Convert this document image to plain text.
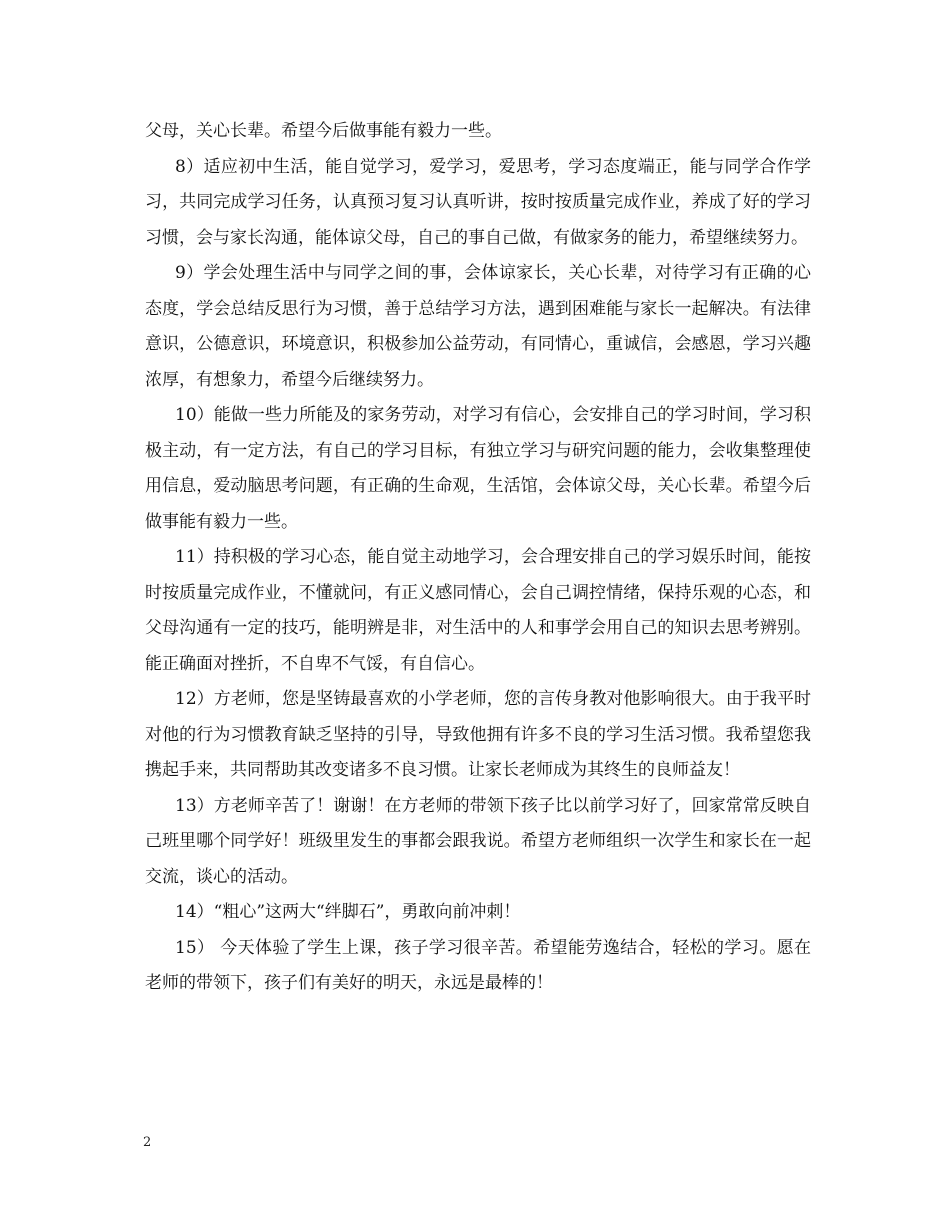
父母，关心长辈。希望今后做事能有毅力一些。

8）适应初中生活，能自觉学习，爱学习，爱思考，学习态度端正，能与同学合作学习，共同完成学习任务，认真预习复习认真听讲，按时按质量完成作业，养成了好的学习习惯，会与家长沟通，能体谅父母，自己的事自己做，有做家务的能力，希望继续努力。

9）学会处理生活中与同学之间的事，会体谅家长，关心长辈，对待学习有正确的心态度，学会总结反思行为习惯，善于总结学习方法，遇到困难能与家长一起解决。有法律意识，公德意识，环境意识，积极参加公益劳动，有同情心，重诚信，会感恩，学习兴趣浓厚，有想象力，希望今后继续努力。

10）能做一些力所能及的家务劳动，对学习有信心，会安排自己的学习时间，学习积极主动，有一定方法，有自己的学习目标，有独立学习与研究问题的能力，会收集整理使用信息，爱动脑思考问题，有正确的生命观，生活馆，会体谅父母，关心长辈。希望今后做事能有毅力一些。

11）持积极的学习心态，能自觉主动地学习，会合理安排自己的学习娱乐时间，能按时按质量完成作业，不懂就问，有正义感同情心，会自己调控情绪，保持乐观的心态，和父母沟通有一定的技巧，能明辨是非，对生活中的人和事学会用自己的知识去思考辨别。能正确面对挫折，不自卑不气馁，有自信心。

12）方老师，您是坚铸最喜欢的小学老师，您的言传身教对他影响很大。由于我平时对他的行为习惯教育缺乏坚持的引导，导致他拥有许多不良的学习生活习惯。我希望您我携起手来，共同帮助其改变诸多不良习惯。让家长老师成为其终生的良师益友！

13）方老师辛苦了！谢谢！在方老师的带领下孩子比以前学习好了，回家常常反映自己班里哪个同学好！班级里发生的事都会跟我说。希望方老师组织一次学生和家长在一起交流，谈心的活动。

14）“粗心”这两大“绊脚石”，勇敢向前冲刺！

15） 今天体验了学生上课，孩子学习很辛苦。希望能劳逸结合，轻松的学习。愿在老师的带领下，孩子们有美好的明天，永远是最棒的！

2
